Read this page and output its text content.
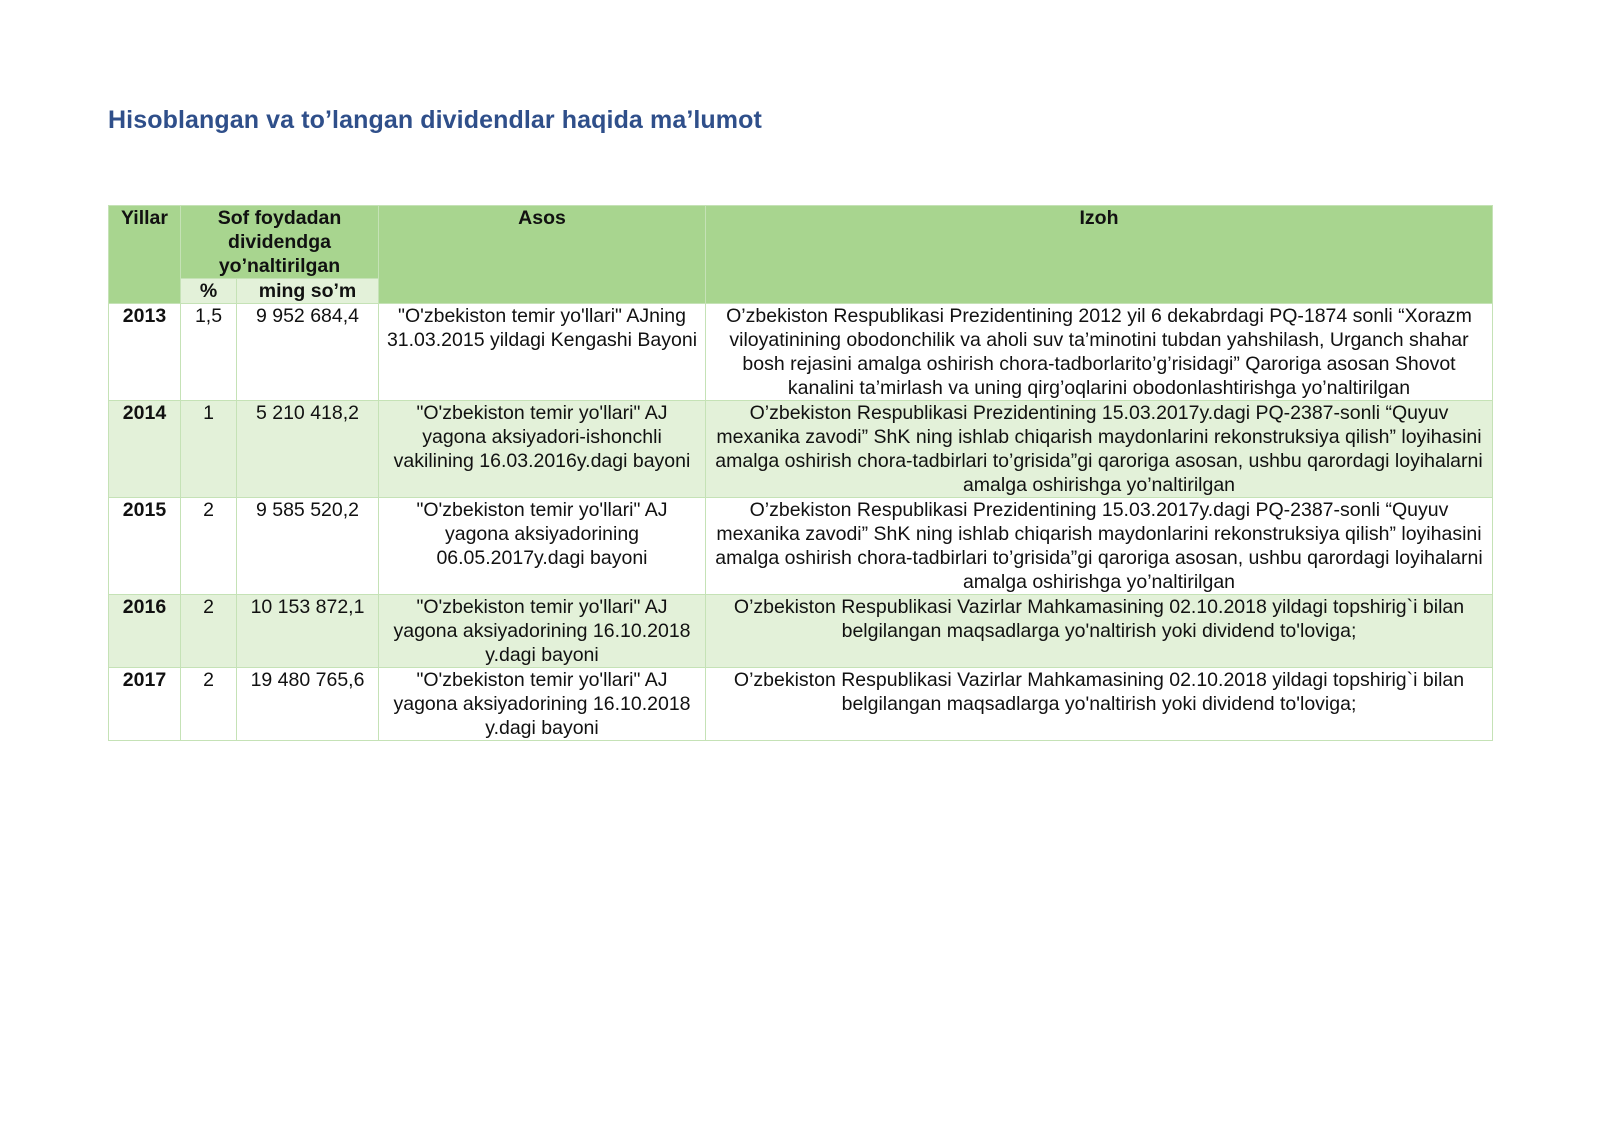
Hisoblangan va to’langan dividendlar haqida ma’lumot
Yillar	Sof foydadan dividendga yo’naltirilgan		Asos	Izoh
	%	ming so’m		
2013	1,5	9 952 684,4	"O'zbekiston temir yo'llari" AJning 31.03.2015 yildagi Kengashi Bayoni	O’zbekiston Respublikasi Prezidentining 2012 yil 6 dekabrdagi PQ-1874 sonli “Xorazm viloyatinining obodonchilik va aholi suv ta’minotini tubdan yahshilash, Urganch shahar bosh rejasini amalga oshirish chora-tadborlarito’g’risidagi” Qaroriga asosan Shovot kanalini ta’mirlash va uning qirg’oqlarini obodonlashtirishga yo’naltirilgan
2014	1	5 210 418,2	"O'zbekiston temir yo'llari" AJ yagona aksiyadori-ishonchli vakilining 16.03.2016y.dagi bayoni	O’zbekiston Respublikasi Prezidentining 15.03.2017y.dagi PQ-2387-sonli “Quyuv mexanika zavodi” ShK ning ishlab chiqarish maydonlarini rekonstruksiya qilish” loyihasini amalga oshirish chora-tadbirlari to’grisida”gi qaroriga asosan, ushbu qarordagi loyihalarni amalga oshirishga yo’naltirilgan
2015	2	9 585 520,2	"O'zbekiston temir yo'llari" AJ yagona aksiyadorining 06.05.2017y.dagi bayoni	O’zbekiston Respublikasi Prezidentining 15.03.2017y.dagi PQ-2387-sonli “Quyuv mexanika zavodi” ShK ning ishlab chiqarish maydonlarini rekonstruksiya qilish” loyihasini amalga oshirish chora-tadbirlari to’grisida”gi qaroriga asosan, ushbu qarordagi loyihalarni amalga oshirishga yo’naltirilgan
2016	2	10 153 872,1	"O'zbekiston temir yo'llari" AJ yagona aksiyadorining 16.10.2018 y.dagi bayoni	O’zbekiston Respublikasi Vazirlar Mahkamasining 02.10.2018 yildagi topshirig`i bilan belgilangan maqsadlarga yo'naltirish yoki dividend to'loviga;
2017	2	19 480 765,6	"O'zbekiston temir yo'llari" AJ yagona aksiyadorining 16.10.2018 y.dagi bayoni	O’zbekiston Respublikasi Vazirlar Mahkamasining 02.10.2018 yildagi topshirig`i bilan belgilangan maqsadlarga yo'naltirish yoki dividend to'loviga;
